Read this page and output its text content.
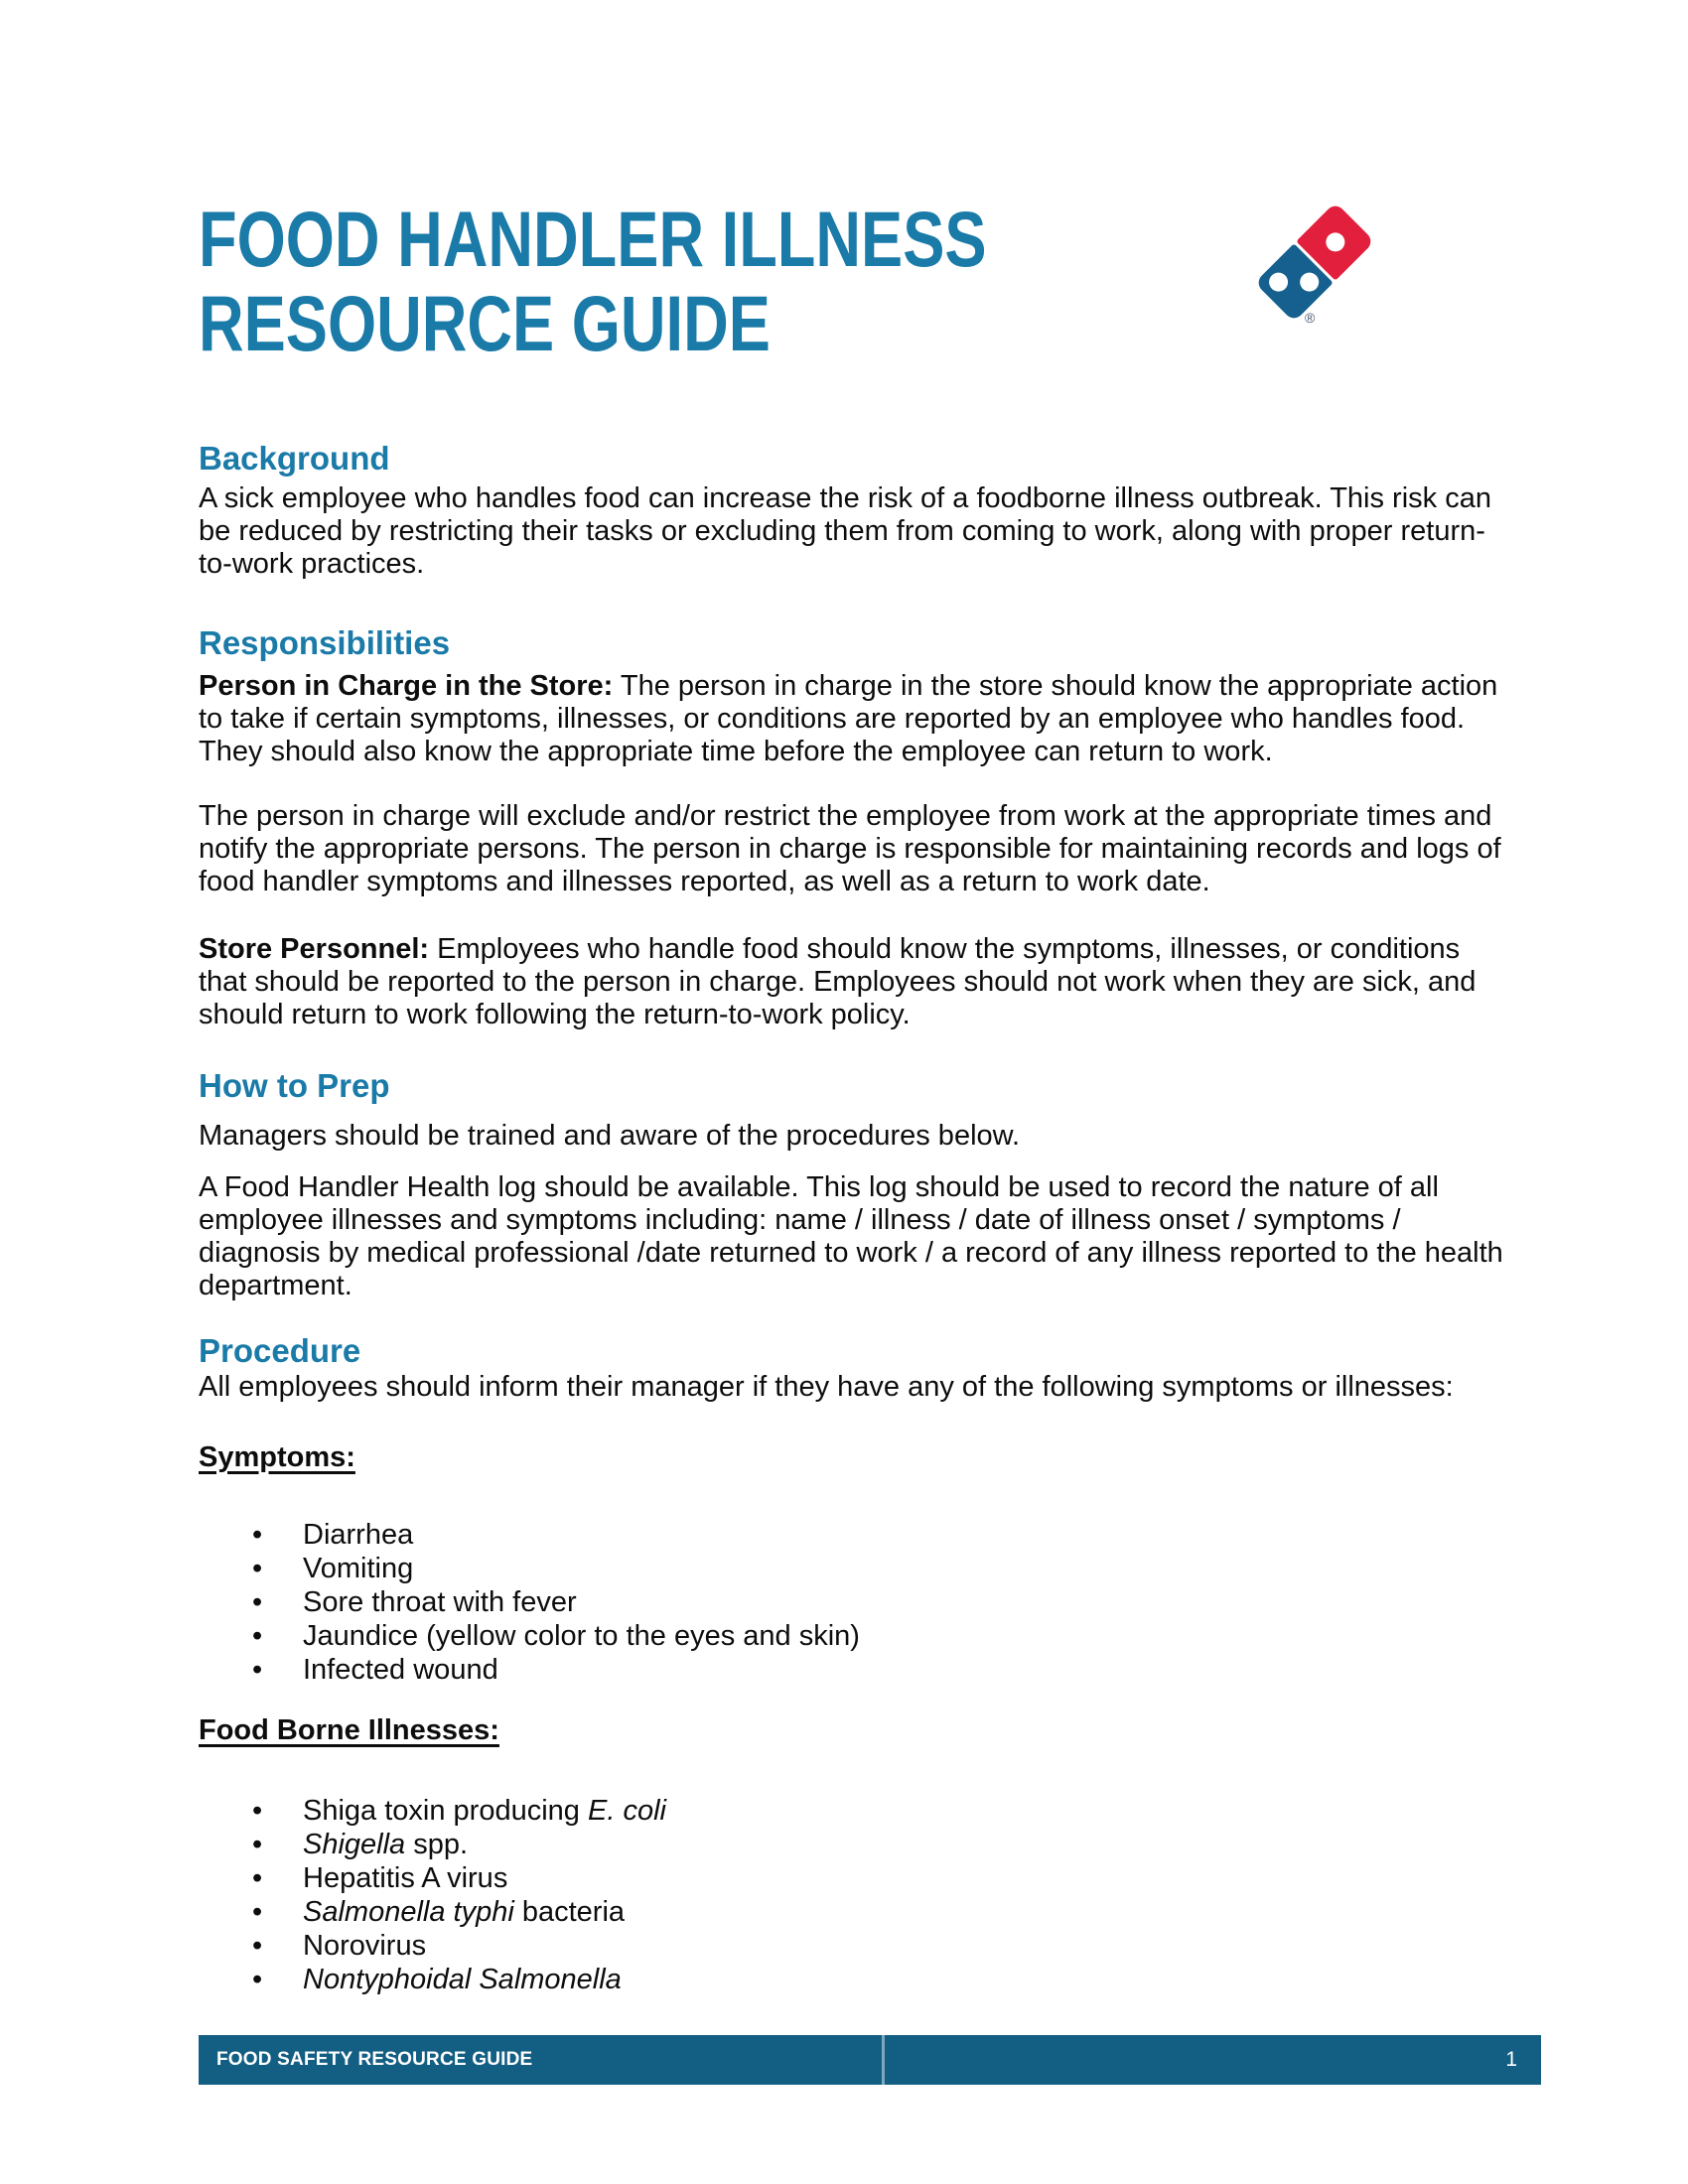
FOOD HANDLER ILLNESS
RESOURCE GUIDE
Background

A sick employee who handles food can increase the risk of a foodborne illness outbreak. This risk can be reduced by restricting their tasks or excluding them from coming to work, along with proper return-to-work practices.

Responsibilities

Person in Charge in the Store: The person in charge in the store should know the appropriate action to take if certain symptoms, illnesses, or conditions are reported by an employee who handles food. They should also know the appropriate time before the employee can return to work.

The person in charge will exclude and/or restrict the employee from work at the appropriate times and notify the appropriate persons. The person in charge is responsible for maintaining records and logs of food handler symptoms and illnesses reported, as well as a return to work date.

Store Personnel: Employees who handle food should know the symptoms, illnesses, or conditions that should be reported to the person in charge. Employees should not work when they are sick, and should return to work following the return-to-work policy.

How to Prep

Managers should be trained and aware of the procedures below.

A Food Handler Health log should be available. This log should be used to record the nature of all employee illnesses and symptoms including: name / illness / date of illness onset / symptoms / diagnosis by medical professional /date returned to work / a record of any illness reported to the health department.

Procedure

All employees should inform their manager if they have any of the following symptoms or illnesses:

Symptoms:

• Diarrhea
• Vomiting
• Sore throat with fever
• Jaundice (yellow color to the eyes and skin)
• Infected wound

Food Borne Illnesses:

• Shiga toxin producing E. coli
• Shigella spp.
• Hepatitis A virus
• Salmonella typhi bacteria
• Norovirus
• Nontyphoidal Salmonella
®
FOOD SAFETY RESOURCE GUIDE	1
